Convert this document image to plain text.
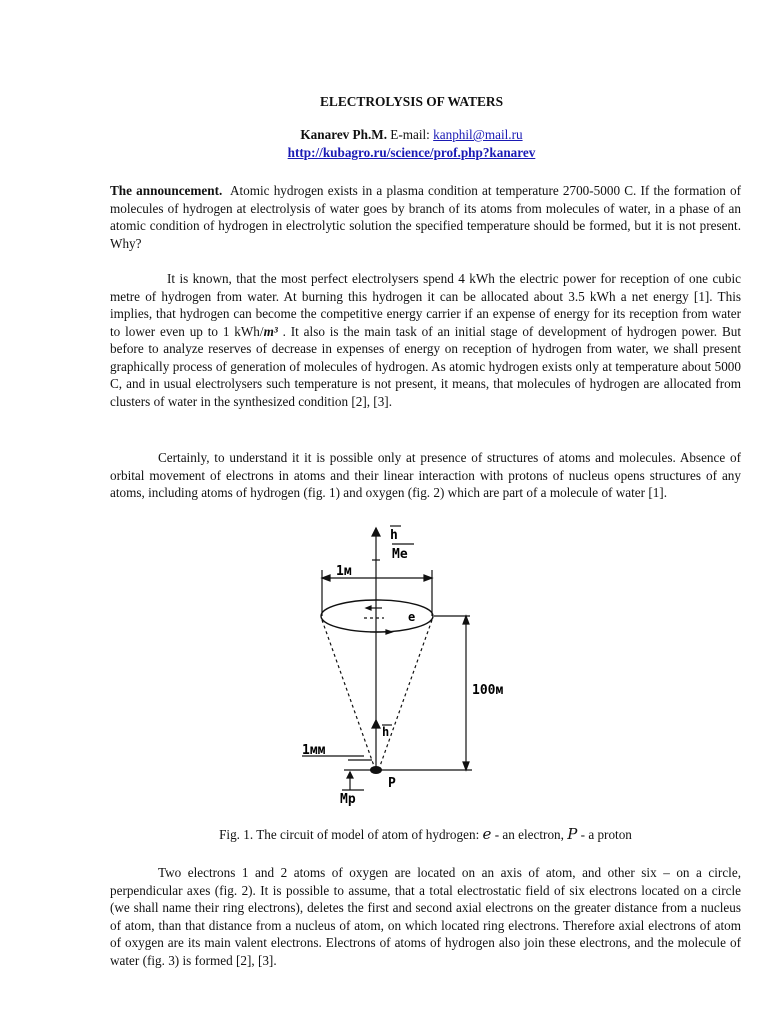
ELECTROLYSIS OF WATERS
Kanarev Ph.M. E-mail: kanphil@mail.ru
http://kubagro.ru/science/prof.php?kanarev

The announcement. Atomic hydrogen exists in a plasma condition at temperature 2700-5000 C. If the formation of molecules of hydrogen at electrolysis of water goes by branch of its atoms from molecules of water, in a phase of an atomic condition of hydrogen in electrolytic solution the specified temperature should be formed, but it is not present. Why?

It is known, that the most perfect electrolysers spend 4 kWh the electric power for reception of one cubic metre of hydrogen from water. At burning this hydrogen it can be allocated about 3.5 kWh a net energy [1]. This implies, that hydrogen can become the competitive energy carrier if an expense of energy for its reception from water to lower even up to 1 kWh/m³ . It also is the main task of an initial stage of development of hydrogen power. But before to analyze reserves of decrease in expenses of energy on reception of hydrogen from water, we shall present graphically process of generation of molecules of hydrogen. As atomic hydrogen exists only at temperature about 5000 C, and in usual electrolysers such temperature is not present, it means, that molecules of hydrogen are allocated from clusters of water in the synthesized condition [2], [3].

Certainly, to understand it it is possible only at presence of structures of atoms and molecules. Absence of orbital movement of electrons in atoms and their linear interaction with protons of nucleus opens structures of any atoms, including atoms of hydrogen (fig. 1) and oxygen (fig. 2) which are part of a molecule of water [1].

Fig. 1. The circuit of model of atom of hydrogen: e - an electron, P - a proton

Two electrons 1 and 2 atoms of oxygen are located on an axis of atom, and other six – on a circle, perpendicular axes (fig. 2). It is possible to assume, that a total electrostatic field of six electrons located on a circle (we shall name their ring electrons), deletes the first and second axial electrons on the greater distance from a nucleus of atom, than that distance from a nucleus of atom, on which located ring electrons. Therefore axial electrons of atom of oxygen are its main valent electrons. Electrons of atoms of hydrogen also join these electrons, and the molecule of water (fig. 3) is formed [2], [3].

h
Me
1м
e
100м
h
1мм
P
Mp
